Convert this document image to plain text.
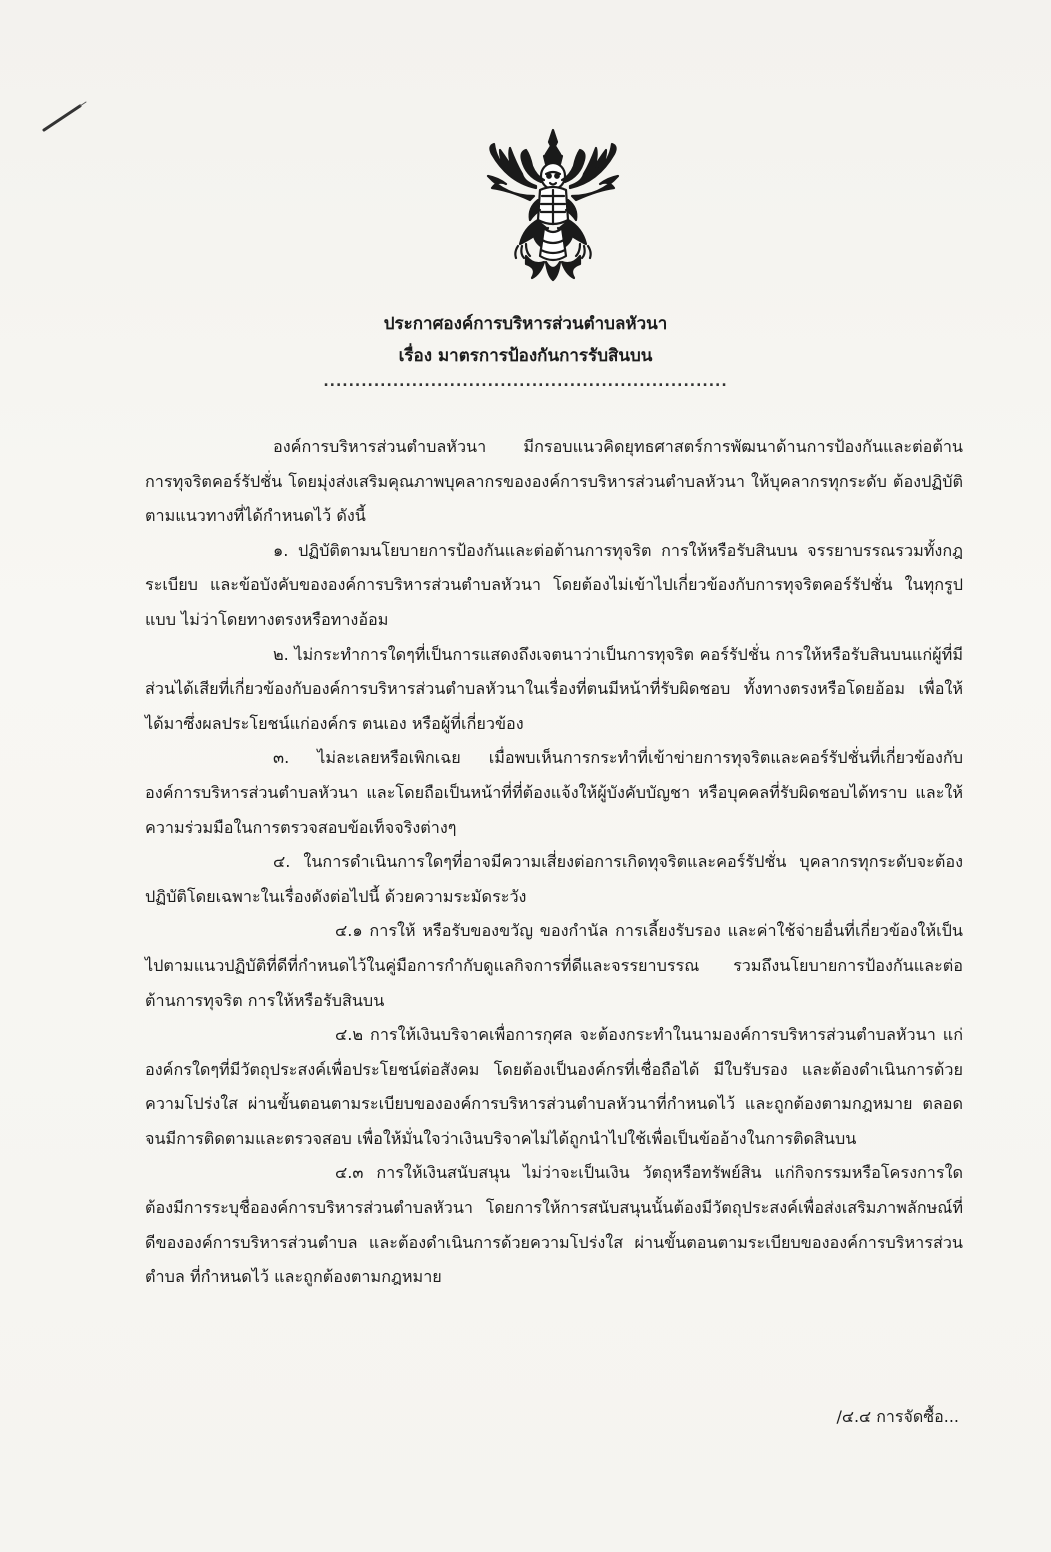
ประกาศองค์การบริหารส่วนตำบลหัวนา
เรื่อง มาตรการป้องกันการรับสินบน
................................................................

องค์การบริหารส่วนตำบลหัวนา มีกรอบแนวคิดยุทธศาสตร์การพัฒนาด้านการป้องกันและต่อต้าน การทุจริตคอร์รัปชั่น โดยมุ่งส่งเสริมคุณภาพบุคลากรขององค์การบริหารส่วนตำบลหัวนา ให้บุคลากรทุกระดับ ต้องปฏิบัติตามแนวทางที่ได้กำหนดไว้ ดังนี้

๑. ปฏิบัติตามนโยบายการป้องกันและต่อต้านการทุจริต การให้หรือรับสินบน จรรยาบรรณรวมทั้งกฎ ระเบียบ และข้อบังคับขององค์การบริหารส่วนตำบลหัวนา โดยต้องไม่เข้าไปเกี่ยวข้องกับการทุจริตคอร์รัปชั่น ในทุกรูปแบบ ไม่ว่าโดยทางตรงหรือทางอ้อม

๒. ไม่กระทำการใดๆที่เป็นการแสดงถึงเจตนาว่าเป็นการทุจริต คอร์รัปชั่น การให้หรือรับสินบนแก่ผู้ที่มีส่วนได้เสียที่เกี่ยวข้องกับองค์การบริหารส่วนตำบลหัวนาในเรื่องที่ตนมีหน้าที่รับผิดชอบ ทั้งทางตรงหรือโดยอ้อม เพื่อให้ได้มาซึ่งผลประโยชน์แก่องค์กร ตนเอง หรือผู้ที่เกี่ยวข้อง

๓. ไม่ละเลยหรือเพิกเฉย เมื่อพบเห็นการกระทำที่เข้าข่ายการทุจริตและคอร์รัปชั่นที่เกี่ยวข้องกับองค์การบริหารส่วนตำบลหัวนา และโดยถือเป็นหน้าที่ที่ต้องแจ้งให้ผู้บังคับบัญชา หรือบุคคลที่รับผิดชอบได้ทราบ และให้ความร่วมมือในการตรวจสอบข้อเท็จจริงต่างๆ

๔. ในการดำเนินการใดๆที่อาจมีความเสี่ยงต่อการเกิดทุจริตและคอร์รัปชั่น บุคลากรทุกระดับจะต้องปฏิบัติโดยเฉพาะในเรื่องดังต่อไปนี้ ด้วยความระมัดระวัง

๔.๑ การให้ หรือรับของขวัญ ของกำนัล การเลี้ยงรับรอง และค่าใช้จ่ายอื่นที่เกี่ยวข้องให้เป็นไปตามแนวปฏิบัติที่ดีที่กำหนดไว้ในคู่มือการกำกับดูแลกิจการที่ดีและจรรยาบรรณ รวมถึงนโยบายการป้องกันและต่อต้านการทุจริต การให้หรือรับสินบน

๔.๒ การให้เงินบริจาคเพื่อการกุศล จะต้องกระทำในนามองค์การบริหารส่วนตำบลหัวนา แก่องค์กรใดๆที่มีวัตถุประสงค์เพื่อประโยชน์ต่อสังคม โดยต้องเป็นองค์กรที่เชื่อถือได้ มีใบรับรอง และต้องดำเนินการด้วยความโปร่งใส ผ่านขั้นตอนตามระเบียบขององค์การบริหารส่วนตำบลหัวนาที่กำหนดไว้ และถูกต้องตามกฎหมาย ตลอดจนมีการติดตามและตรวจสอบ เพื่อให้มั่นใจว่าเงินบริจาคไม่ได้ถูกนำไปใช้เพื่อเป็นข้ออ้างในการติดสินบน

๔.๓ การให้เงินสนับสนุน ไม่ว่าจะเป็นเงิน วัตถุหรือทรัพย์สิน แก่กิจกรรมหรือโครงการใด ต้องมีการระบุชื่อองค์การบริหารส่วนตำบลหัวนา โดยการให้การสนับสนุนนั้นต้องมีวัตถุประสงค์เพื่อส่งเสริมภาพลักษณ์ที่ดีขององค์การบริหารส่วนตำบล และต้องดำเนินการด้วยความโปร่งใส ผ่านขั้นตอนตามระเบียบขององค์การบริหารส่วนตำบล ที่กำหนดไว้ และถูกต้องตามกฎหมาย

/๔.๔ การจัดซื้อ...
